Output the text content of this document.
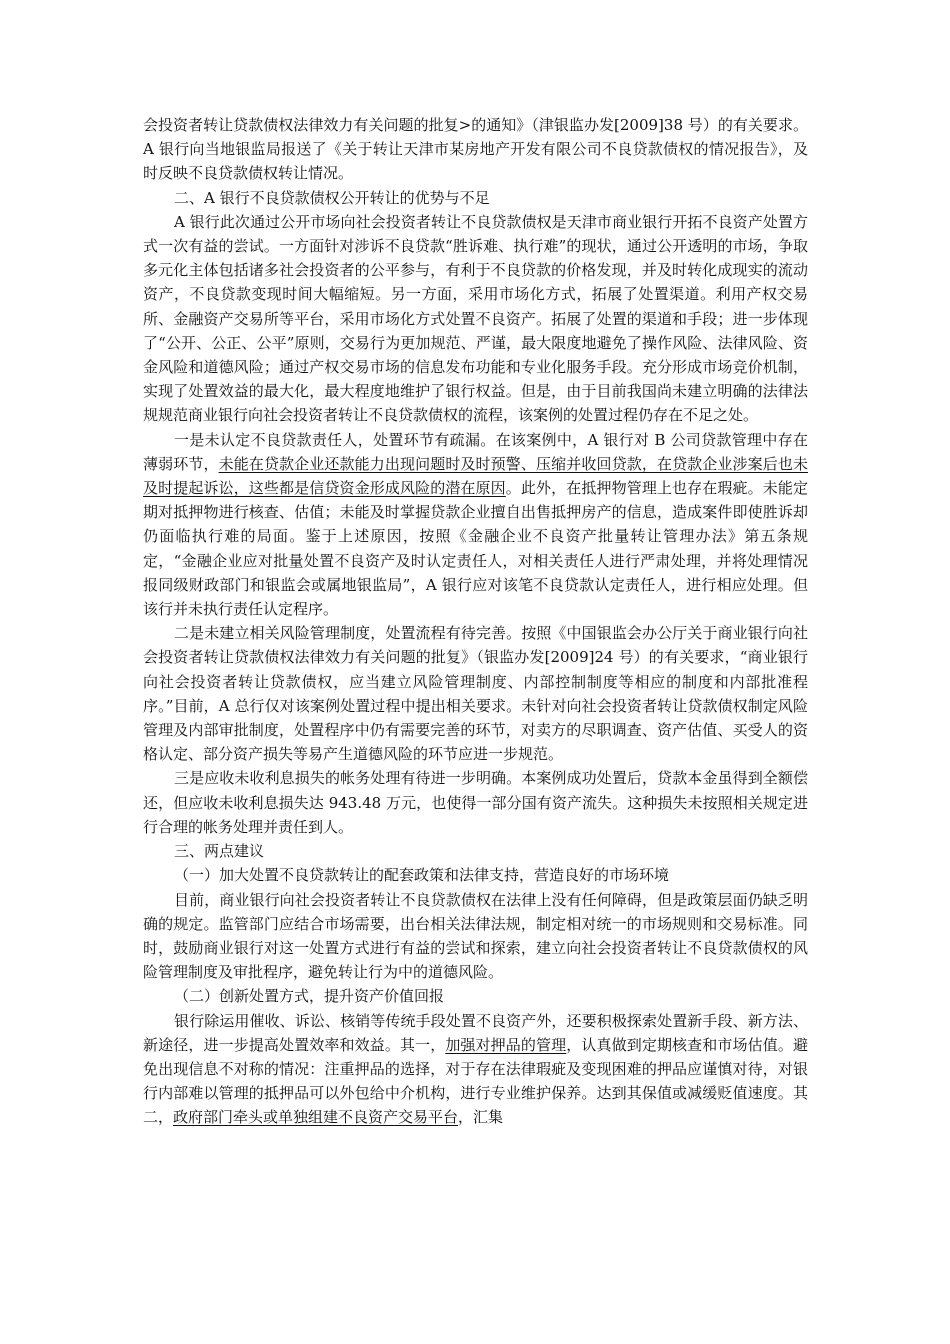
会投资者转让贷款债权法律效力有关问题的批复>的通知》（津银监办发[2009]38 号）的有关要求。A 银行向当地银监局报送了《关于转让天津市某房地产开发有限公司不良贷款债权的情况报告》，及时反映不良贷款债权转让情况。

二、A 银行不良贷款债权公开转让的优势与不足

A 银行此次通过公开市场向社会投资者转让不良贷款债权是天津市商业银行开拓不良资产处置方式一次有益的尝试。一方面针对涉诉不良贷款“胜诉难、执行难”的现状，通过公开透明的市场，争取多元化主体包括诸多社会投资者的公平参与，有利于不良贷款的价格发现，并及时转化成现实的流动资产，不良贷款变现时间大幅缩短。另一方面，采用市场化方式，拓展了处置渠道。利用产权交易所、金融资产交易所等平台，采用市场化方式处置不良资产。拓展了处置的渠道和手段；进一步体现了“公开、公正、公平”原则，交易行为更加规范、严谨，最大限度地避免了操作风险、法律风险、资金风险和道德风险；通过产权交易市场的信息发布功能和专业化服务手段。充分形成市场竞价机制，实现了处置效益的最大化，最大程度地维护了银行权益。但是，由于目前我国尚未建立明确的法律法规规范商业银行向社会投资者转让不良贷款债权的流程，该案例的处置过程仍存在不足之处。

一是未认定不良贷款责任人，处置环节有疏漏。在该案例中，A 银行对 B 公司贷款管理中存在薄弱环节，未能在贷款企业还款能力出现问题时及时预警、压缩并收回贷款，在贷款企业涉案后也未及时提起诉讼，这些都是信贷资金形成风险的潜在原因。此外，在抵押物管理上也存在瑕疵。未能定期对抵押物进行核查、估值；未能及时掌握贷款企业擅自出售抵押房产的信息，造成案件即使胜诉却仍面临执行难的局面。鉴于上述原因，按照《金融企业不良资产批量转让管理办法》第五条规定，“金融企业应对批量处置不良资产及时认定责任人，对相关责任人进行严肃处理，并将处理情况报同级财政部门和银监会或属地银监局”，A 银行应对该笔不良贷款认定责任人，进行相应处理。但该行并未执行责任认定程序。

二是未建立相关风险管理制度，处置流程有待完善。按照《中国银监会办公厅关于商业银行向社会投资者转让贷款债权法律效力有关问题的批复》（银监办发[2009]24 号）的有关要求，“商业银行向社会投资者转让贷款债权，应当建立风险管理制度、内部控制制度等相应的制度和内部批准程序。”目前，A 总行仅对该案例处置过程中提出相关要求。未针对向社会投资者转让贷款债权制定风险管理及内部审批制度，处置程序中仍有需要完善的环节，对卖方的尽职调查、资产估值、买受人的资格认定、部分资产损失等易产生道德风险的环节应进一步规范。

三是应收未收利息损失的帐务处理有待进一步明确。本案例成功处置后，贷款本金虽得到全额偿还，但应收未收利息损失达 943.48 万元，也使得一部分国有资产流失。这种损失未按照相关规定进行合理的帐务处理并责任到人。

三、两点建议

（一）加大处置不良贷款转让的配套政策和法律支持，营造良好的市场环境

目前，商业银行向社会投资者转让不良贷款债权在法律上没有任何障碍，但是政策层面仍缺乏明确的规定。监管部门应结合市场需要，出台相关法律法规，制定相对统一的市场规则和交易标准。同时，鼓励商业银行对这一处置方式进行有益的尝试和探索，建立向社会投资者转让不良贷款债权的风险管理制度及审批程序，避免转让行为中的道德风险。

（二）创新处置方式，提升资产价值回报

银行除运用催收、诉讼、核销等传统手段处置不良资产外，还要积极探索处置新手段、新方法、新途径，进一步提高处置效率和效益。其一，加强对押品的管理，认真做到定期核查和市场估值。避免出现信息不对称的情况：注重押品的选择，对于存在法律瑕疵及变现困难的押品应谨慎对待，对银行内部难以管理的抵押品可以外包给中介机构，进行专业维护保养。达到其保值或减缓贬值速度。其二，政府部门牵头或单独组建不良资产交易平台，汇集
